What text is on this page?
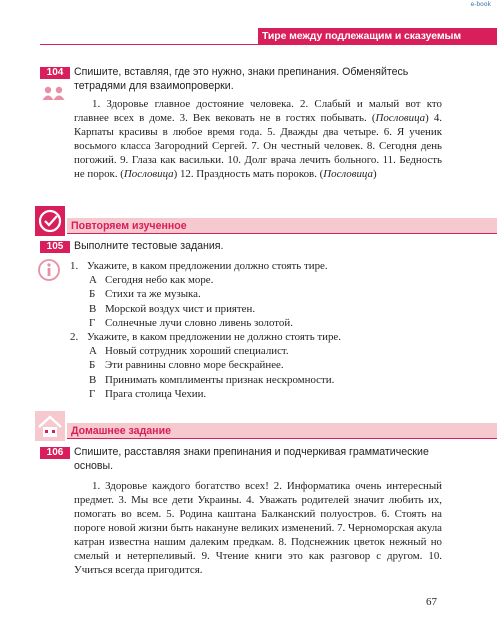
e-book
Тире между подлежащим и сказуемым
104	Спишите, вставляя, где это нужно, знаки препинания. Обменяйтесь тетрадями для взаимопроверки.

1. Здоровье главное достояние человека. 2. Слабый и малый вот кто главнее всех в доме. 3. Век вековать не в гостях побывать. (Пословица) 4. Карпаты красивы в любое время года. 5. Дважды два четыре. 6. Я ученик восьмого класса Загородний Сергей. 7. Он честный человек. 8. Сегодня день погожий. 9. Глаза как васильки. 10. Долг врача лечить больного. 11. Бедность не порок. (Пословица) 12. Праздность мать пороков. (Пословица)

Повторяем изученное
105	Выполните тестовые задания.
1. Укажите, в каком предложении должно стоять тире.
А Сегодня небо как море.
Б Стихи та же музыка.
В Морской воздух чист и приятен.
Г Солнечные лучи словно ливень золотой.
2. Укажите, в каком предложении не должно стоять тире.
А Новый сотрудник хороший специалист.
Б Эти равнины словно море бескрайнее.
В Принимать комплименты признак нескромности.
Г Прага столица Чехии.
Домашнее задание
106	Спишите, расставляя знаки препинания и подчеркивая грамматические основы.

1. Здоровье каждого богатство всех! 2. Информатика очень интересный предмет. 3. Мы все дети Украины. 4. Уважать родителей значит любить их, помогать во всем. 5. Родина каштана Балканский полуостров. 6. Стоять на пороге новой жизни быть накануне великих изменений. 7. Черноморская акула катран известна нашим далеким предкам. 8. Подснежник цветок нежный но смелый и нетерпеливый. 9. Чтение книги это как разговор с другом. 10. Учиться всегда пригодится.

67
